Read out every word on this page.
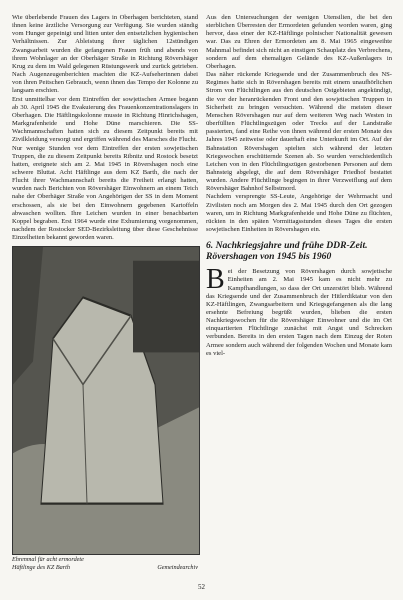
Wie überlebende Frauen des Lagers in Oberhagen berichteten, stand ihnen keine ärztliche Versorgung zur Verfügung. Sie wurden ständig vom Hunger gepeinigt und litten unter den entsetzlichen hygienischen Verhältnissen. Zur Ableistung ihrer täglichen 12stündigen Zwangsarbeit wurden die gefangenen Frauen früh und abends von ihrem Wohnlager an der Oberhäger Straße in Richtung Rövershäger Krug zu dem im Wald gelegenen Rüstungswerk und zurück getrieben. Nach Augenzeugenberichten machten die KZ-Aufseherinnen dabei von ihren Peitschen Gebrauch, wenn ihnen das Tempo der Kolonne zu langsam erschien.

Erst unmittelbar vor dem Eintreffen der sowjetischen Armee begann ab 30. April 1945 die Evakuierung des Frauenkonzentrationslagers in Oberhagen. Die Häftlingskolonne musste in Richtung Hinrichshagen, Markgrafenheide und Hohe Düne marschieren. Die SS-Wachmannschaften hatten sich zu diesem Zeitpunkt bereits mit Zivilkleidung versorgt und ergriffen während des Marsches die Flucht.

Nur wenige Stunden vor dem Eintreffen der ersten sowjetischen Truppen, die zu diesem Zeitpunkt bereits Ribnitz und Rostock besetzt hatten, ereignete sich am 2. Mai 1945 in Rövershagen noch eine schwere Bluttat. Acht Häftlinge aus dem KZ Barth, die nach der Flucht ihrer Wachmannschaft bereits die Freiheit erlangt hatten, wurden nach Berichten von Rövershäger Einwohnern an einem Teich nahe der Oberhäger Straße von Angehörigen der SS in dem Moment erschossen, als sie bei den Einwohnern gegebenen Kartoffeln abwaschen wollten. Ihre Leichen wurden in einer benachbarten Koppel begraben. Erst 1964 wurde eine Exhumierung vorgenommen, nachdem der Rostocker SED-Bezirksleitung über diese Geschehnisse Einzelheiten bekannt geworden waren.

Aus den Untersuchungen der wenigen Utensilien, die bei den sterblichen Überresten der Ermordeten gefunden worden waren, ging hervor, dass einer der KZ-Häftlinge polnischer Nationalität gewesen war. Das zu Ehren der Ermordeten am 8. Mai 1965 eingeweihte Mahnmal befindet sich nicht an einstigen Schauplatz des Verbrechens, sondern auf dem ehemaligen Gelände des KZ-Außenlagers in Oberhagen.

Das näher rückende Kriegsende und der Zusammenbruch des NS-Regimes hatte sich in Rövershagen bereits mit einem unaufhörlichen Strom von Flüchtlingen aus den deutschen Ostgebieten angekündigt, die vor der heranrückenden Front und den sowjetischen Truppen in Sicherheit zu bringen versuchten. Während die meisten dieser Menschen Rövershagen nur auf dem weiteren Weg nach Westen in überfüllten Flüchtlingszügen oder Trecks auf der Landstraße passierten, fand eine Reihe von ihnen während der ersten Monate des Jahres 1945 zeitweise oder dauerhaft eine Unterkunft im Ort. Auf der Bahnstation Rövershagen spielten sich während der letzten Kriegswochen erschütternde Szenen ab. So wurden verschiedentlich Leichen von in den Flüchtlingszügen gestorbenen Personen auf dem Bahnsteig abgelegt, die auf dem Rövershäger Friedhof bestattet wurden. Andere Flüchtlinge begingen in ihrer Verzweiflung auf dem Rövershäger Bahnhof Selbstmord.

Nachdem versprengte SS-Leute, Angehörige der Wehrmacht und Zivilisten noch am Morgen des 2. Mai 1945 durch den Ort gezogen waren, um in Richtung Markgrafenheide und Hohe Düne zu flüchten, rückten in den späten Vormittagsstunden dieses Tages die ersten sowjetischen Einheiten in Rövershagen ein.

6. Nachkriegsjahre und frühe DDR-Zeit.
Rövershagen von 1945 bis 1960

Bei der Besetzung von Rövershagen durch sowjetische Einheiten am 2. Mai 1945 kam es nicht mehr zu Kampfhandlungen, so dass der Ort unzerstört blieb. Während das Kriegsende und der Zusammenbruch der Hitlerdiktatur von den KZ-Häftlingen, Zwangsarbeitern und Kriegsgefangenen als die lang ersehnte Befreiung begrüßt wurden, blieben die ersten Nachkriegswochen für die Rövershäger Einwohner und die im Ort einquartierten Flüchtlinge zunächst mit Angst und Schrecken verbunden. Bereits in den ersten Tagen nach dem Einzug der Roten Armee sondern auch während der folgenden Wochen und Monate kam es viel-

Ehrenmal für acht ermordete
Häftlinge des KZ Barth	Gemeindearchiv
52
